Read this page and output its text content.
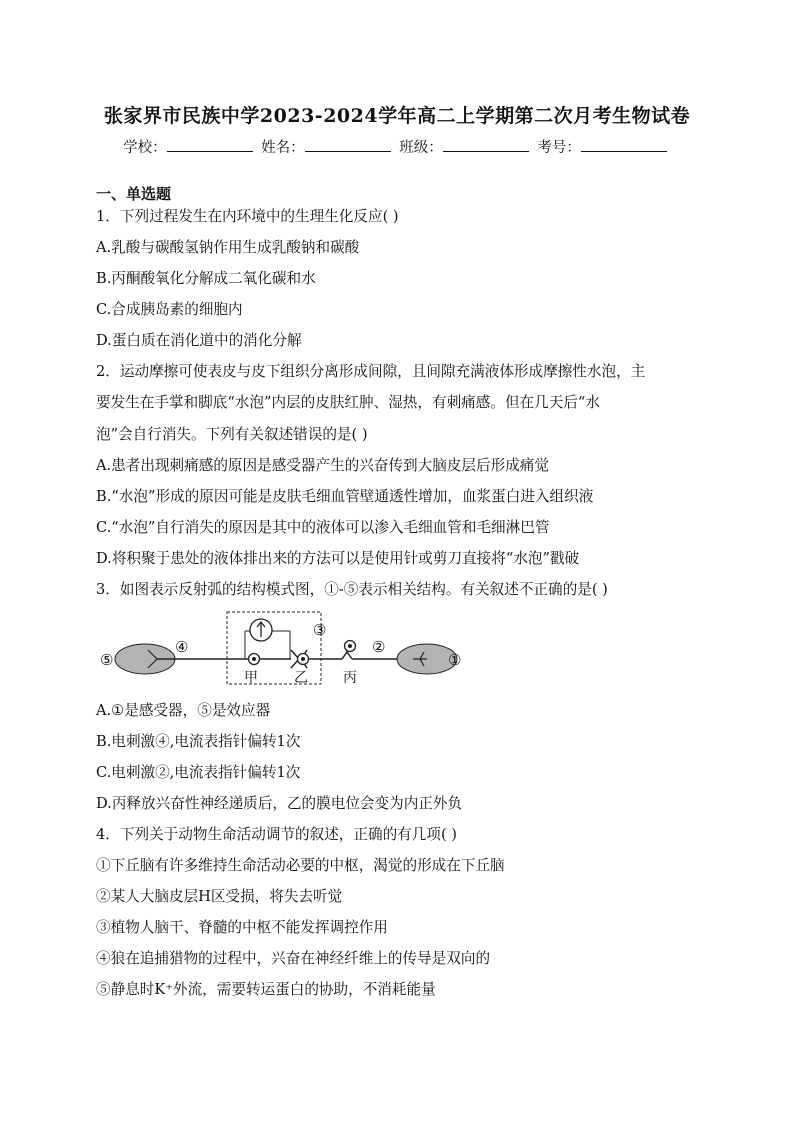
张家界市民族中学2023-2024学年高二上学期第二次月考生物试卷
学校：	姓名：	班级：	考号：
一、单选题
1．下列过程发生在内环境中的生理生化反应( )
A.乳酸与碳酸氢钠作用生成乳酸钠和碳酸
B.丙酮酸氧化分解成二氧化碳和水
C.合成胰岛素的细胞内
D.蛋白质在消化道中的消化分解
2．运动摩擦可使表皮与皮下组织分离形成间隙，且间隙充满液体形成摩擦性水泡，主
要发生在手掌和脚底“水泡”内层的皮肤红肿、湿热，有刺痛感。但在几天后“水
泡”会自行消失。下列有关叙述错误的是( )
A.患者出现刺痛感的原因是感受器产生的兴奋传到大脑皮层后形成痛觉
B.“水泡”形成的原因可能是皮肤毛细血管壁通透性增加，血浆蛋白进入组织液
C.“水泡”自行消失的原因是其中的液体可以渗入毛细血管和毛细淋巴管
D.将积聚于患处的液体排出来的方法可以是使用针或剪刀直接将“水泡”戳破
3．如图表示反射弧的结构模式图，①-⑤表示相关结构。有关叙述不正确的是( )
⑤
④
③
②
①
甲	乙	丙
A.①是感受器，⑤是效应器
B.电刺激④,电流表指针偏转1次
C.电刺激②,电流表指针偏转1次
D.丙释放兴奋性神经递质后，乙的膜电位会变为内正外负
4．下列关于动物生命活动调节的叙述，正确的有几项( )
①下丘脑有许多维持生命活动必要的中枢，渴觉的形成在下丘脑
②某人大脑皮层H区受损，将失去听觉
③植物人脑干、脊髓的中枢不能发挥调控作用
④狼在追捕猎物的过程中，兴奋在神经纤维上的传导是双向的
⑤静息时K⁺外流，需要转运蛋白的协助，不消耗能量
